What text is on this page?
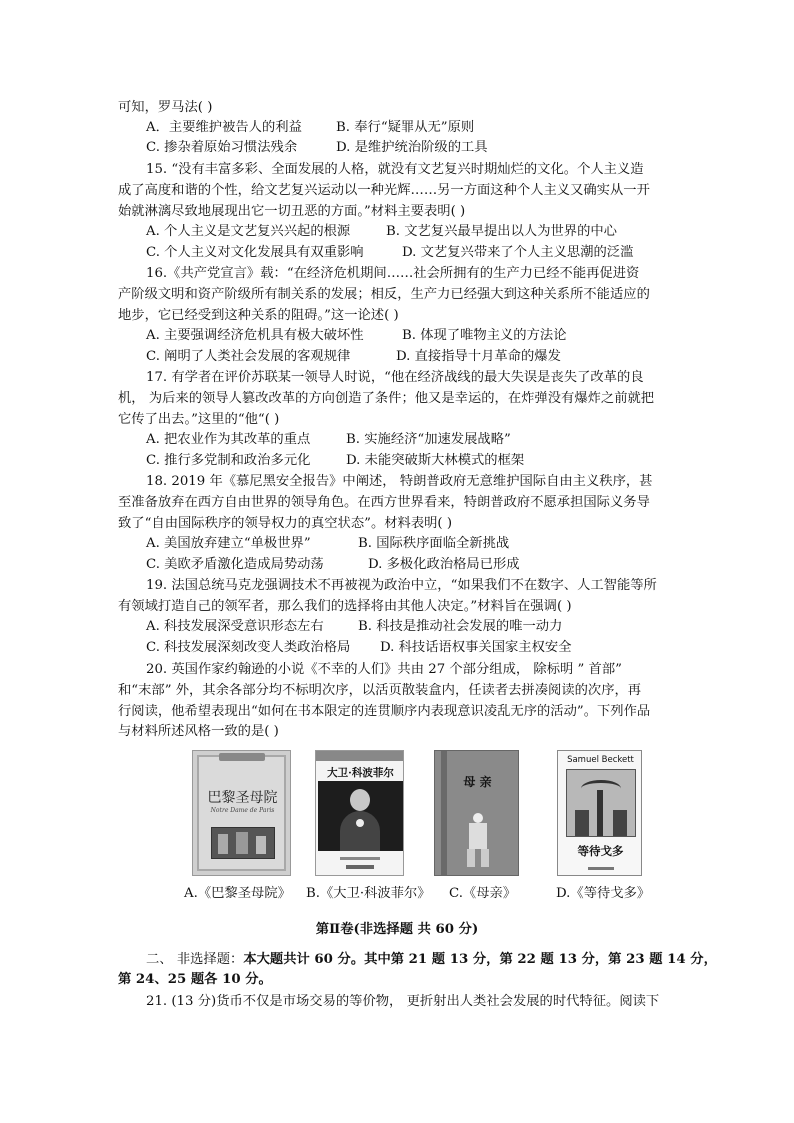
可知，罗马法( )
A．主要维护被告人的利益	B. 奉行“疑罪从无”原则
C. 掺杂着原始习惯法残余	D. 是维护统治阶级的工具
15. “没有丰富多彩、全面发展的人格，就没有文艺复兴时期灿烂的文化。个人主义造
成了高度和谐的个性，给文艺复兴运动以一种光辉……另一方面这种个人主义又确实从一开
始就淋漓尽致地展现出它一切丑恶的方面。”材料主要表明( )
A. 个人主义是文艺复兴兴起的根源	B. 文艺复兴最早提出以人为世界的中心
C. 个人主义对文化发展具有双重影响	D. 文艺复兴带来了个人主义思潮的泛滥
16.《共产党宣言》载：“在经济危机期间……社会所拥有的生产力已经不能再促进资
产阶级文明和资产阶级所有制关系的发展；相反，生产力已经强大到这种关系所不能适应的
地步，它已经受到这种关系的阻碍。”这一论述( )
A. 主要强调经济危机具有极大破坏性	B. 体现了唯物主义的方法论
C. 阐明了人类社会发展的客观规律	D. 直接指导十月革命的爆发
17. 有学者在评价苏联某一领导人时说，“他在经济战线的最大失误是丧失了改革的良
机， 为后来的领导人篡改改革的方向创造了条件；他又是幸运的，在炸弹没有爆炸之前就把
它传了出去。”这里的“他“( )
A. 把农业作为其改革的重点	B. 实施经济“加速发展战略”
C. 推行多党制和政治多元化	D. 未能突破斯大林模式的框架
18. 2019 年《慕尼黑安全报告》中阐述， 特朗普政府无意维护国际自由主义秩序，甚
至准备放弃在西方自由世界的领导角色。在西方世界看来，特朗普政府不愿承担国际义务导
致了“自由国际秩序的领导权力的真空状态”。材料表明( )
A. 美国放弃建立“单极世界”	B. 国际秩序面临全新挑战
C. 美欧矛盾激化造成局势动荡	D. 多极化政治格局已形成
19. 法国总统马克龙强调技术不再被视为政治中立，“如果我们不在数字、人工智能等所
有领域打造自己的领军者，那么我们的选择将由其他人决定。”材料旨在强调( )
A. 科技发展深受意识形态左右	B. 科技是推动社会发展的唯一动力
C. 科技发展深刻改变人类政治格局 D. 科技话语权事关国家主权安全
20. 英国作家约翰逊的小说《不幸的人们》共由 27 个部分组成， 除标明 ” 首部”
和“末部” 外，其余各部分均不标明次序，以活页散装盒内，任读者去拼凑阅读的次序，再
行阅读，他希望表现出“如何在书本限定的连贯顺序内表现意识凌乱无序的活动”。下列作品
与材料所述风格一致的是( )
巴黎圣母院
Notre Dame de Paris
A.《巴黎圣母院》
大卫·科波菲尔
B.《大卫·科波菲尔》
母 亲
C.《母亲》
Samuel Beckett
等待戈多
D.《等待戈多》
第Ⅱ卷(非选择题 共 60 分)
二、 非选择题：本大题共计 60 分。其中第 21 题 13 分，第 22 题 13 分，第 23 题 14 分，
第 24、25 题各 10 分。
21. (13 分)货币不仅是市场交易的等价物， 更折射出人类社会发展的时代特征。阅读下
